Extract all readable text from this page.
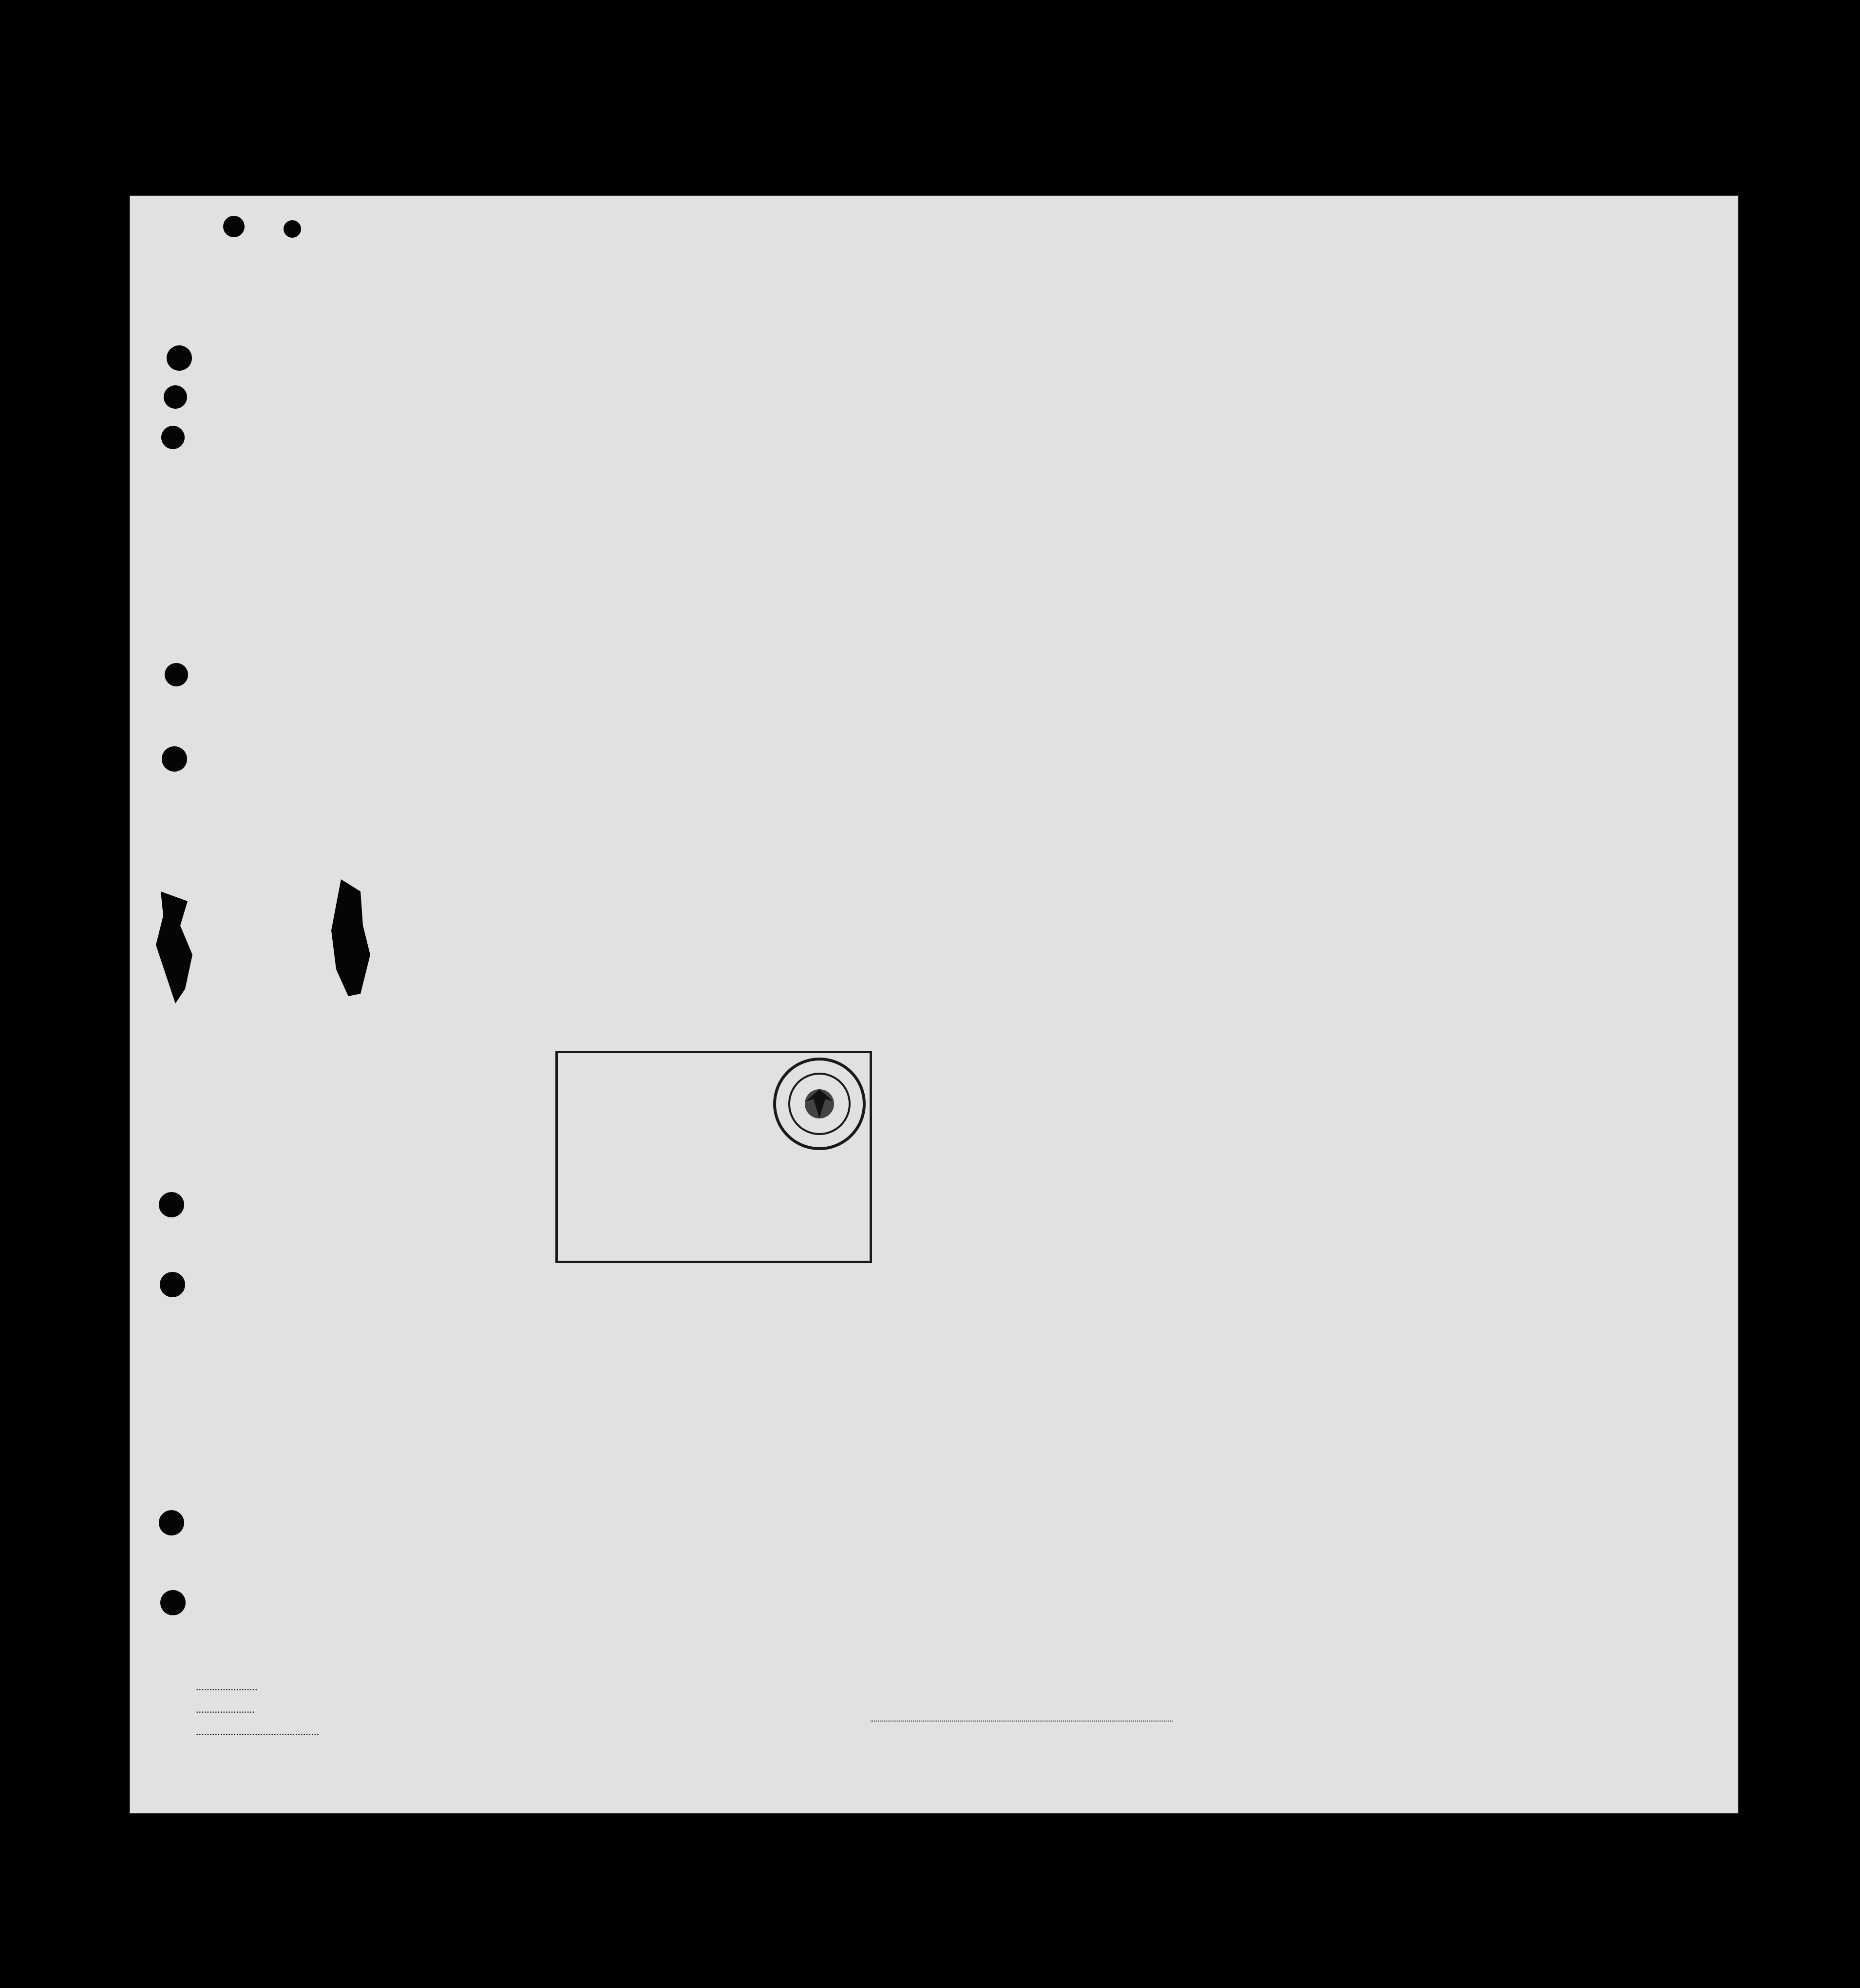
.......................
......................
..............................................
